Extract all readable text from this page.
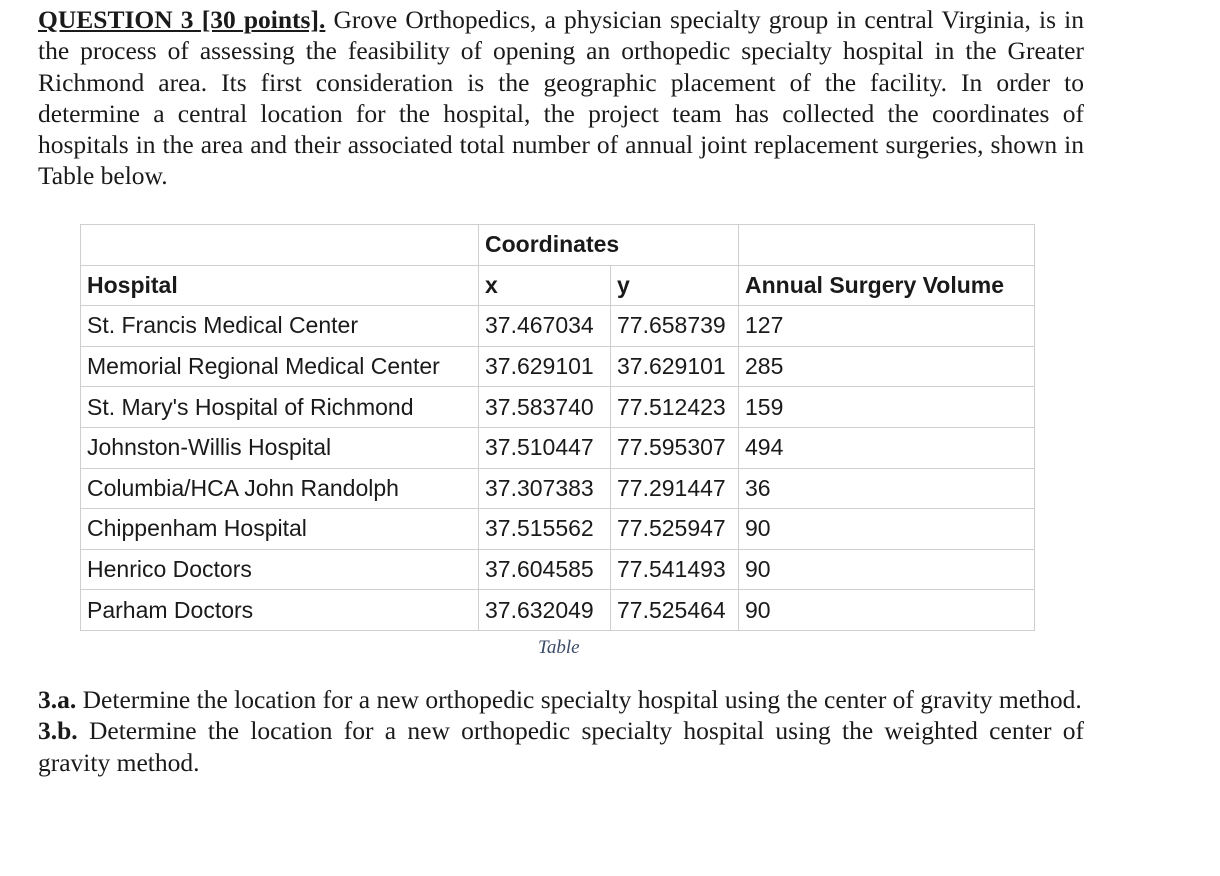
QUESTION 3 [30 points]. Grove Orthopedics, a physician specialty group in central Virginia, is in the process of assessing the feasibility of opening an orthopedic specialty hospital in the Greater Richmond area. Its first consideration is the geographic placement of the facility. In order to determine a central location for the hospital, the project team has collected the coordinates of hospitals in the area and their associated total number of annual joint replacement surgeries, shown in Table below.

	Coordinates		
Hospital	x	y	Annual Surgery Volume
St. Francis Medical Center	37.467034	77.658739	127
Memorial Regional Medical Center	37.629101	37.629101	285
St. Mary's Hospital of Richmond	37.583740	77.512423	159
Johnston-Willis Hospital	37.510447	77.595307	494
Columbia/HCA John Randolph	37.307383	77.291447	36
Chippenham Hospital	37.515562	77.525947	90
Henrico Doctors	37.604585	77.541493	90
Parham Doctors	37.632049	77.525464	90
Table

3.a. Determine the location for a new orthopedic specialty hospital using the center of gravity method.

3.b. Determine the location for a new orthopedic specialty hospital using the weighted center of gravity method.
